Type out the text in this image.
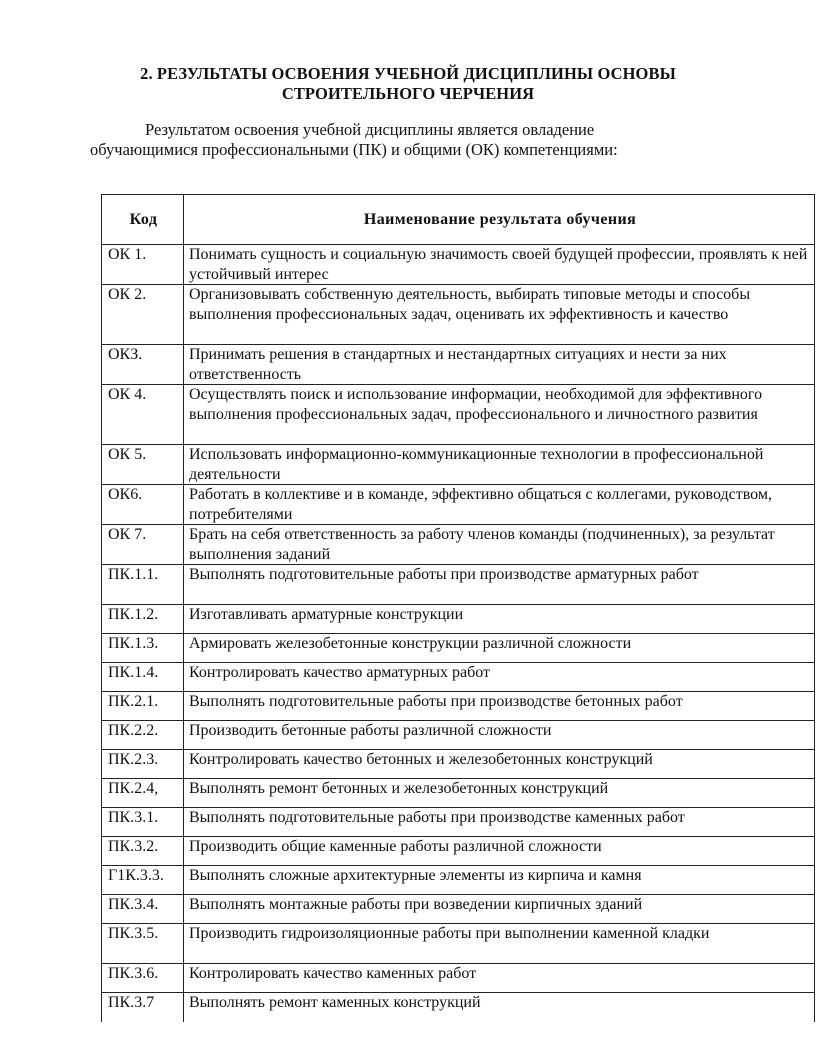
2. РЕЗУЛЬТАТЫ ОСВОЕНИЯ УЧЕБНОЙ ДИСЦИПЛИНЫ ОСНОВЫ
СТРОИТЕЛЬНОГО ЧЕРЧЕНИЯ
Результатом освоения учебной дисциплины является овладение
обучающимися профессиональными (ПК) и общими (ОК) компетенциями:
Код	Наименование результата обучения
ОК 1.	Понимать сущность и социальную значимость своей будущей профессии, проявлять к ней устойчивый интерес
ОК 2.	Организовывать собственную деятельность, выбирать типовые методы и способы выполнения профессиональных задач, оценивать их эффективность и качество
ОКЗ.	Принимать решения в стандартных и нестандартных ситуациях и нести за них ответственность
ОК 4.	Осуществлять поиск и использование информации, необходимой для эффективного выполнения профессиональных задач, профессионального и личностного развития
ОК 5.	Использовать информационно-коммуникационные технологии в профессиональной деятельности
ОК6.	Работать в коллективе и в команде, эффективно общаться с коллегами, руководством, потребителями
ОК 7.	Брать на себя ответственность за работу членов команды (подчиненных), за результат выполнения заданий
ПК.1.1.	Выполнять подготовительные работы при производстве арматурных работ
ПК.1.2.	Изготавливать арматурные конструкции
ПК.1.3.	Армировать железобетонные конструкции различной сложности
ПК.1.4.	Контролировать качество арматурных работ
ПК.2.1.	Выполнять подготовительные работы при производстве бетонных работ
ПК.2.2.	Производить бетонные работы различной сложности
ПК.2.3.	Контролировать качество бетонных и железобетонных конструкций
ПК.2.4,	Выполнять ремонт бетонных и железобетонных конструкций
ПК.3.1.	Выполнять подготовительные работы при производстве каменных работ
ПК.3.2.	Производить общие каменные работы различной сложности
Г1К.3.3.	Выполнять сложные архитектурные элементы из кирпича и камня
ПК.3.4.	Выполнять монтажные работы при возведении кирпичных зданий
ПК.3.5.	Производить гидроизоляционные работы при выполнении каменной кладки
ПК.3.6.	Контролировать качество каменных работ
ПК.3.7	Выполнять ремонт каменных конструкций
